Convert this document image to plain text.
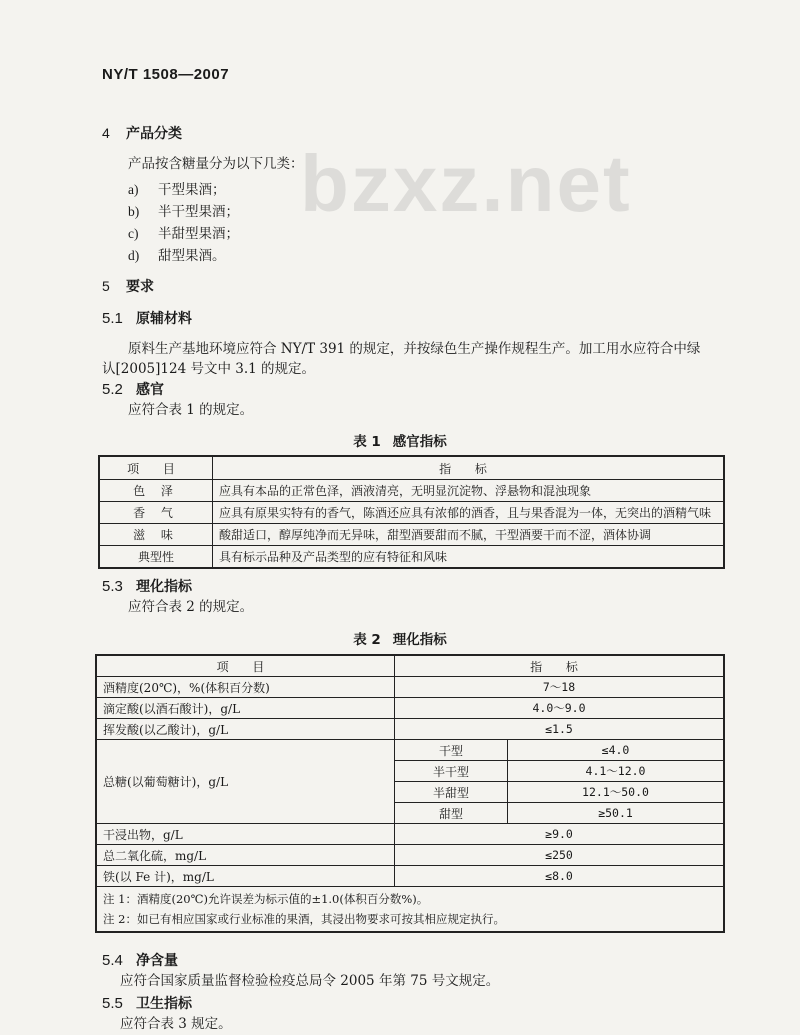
NY/T 1508—2007
bzxz.net
4 产品分类
产品按含糖量分为以下几类：
a) 干型果酒；
b) 半干型果酒；
c) 半甜型果酒；
d) 甜型果酒。
5 要求
5.1 原辅材料
原料生产基地环境应符合 NY/T 391 的规定，并按绿色生产操作规程生产。加工用水应符合中绿
认[2005]124 号文中 3.1 的规定。
5.2 感官
应符合表 1 的规定。
表 1 感官指标
项 目	指 标
色 泽	应具有本品的正常色泽，酒液清亮，无明显沉淀物、浮悬物和混浊现象
香 气	应具有原果实特有的香气，陈酒还应具有浓郁的酒香，且与果香混为一体，无突出的酒精气味
滋 味	酸甜适口，醇厚纯净而无异味，甜型酒要甜而不腻，干型酒要干而不涩，酒体协调
典型性	具有标示品种及产品类型的应有特征和风味
5.3 理化指标
应符合表 2 的规定。
表 2 理化指标
项 目	指 标	
酒精度(20℃)，%(体积百分数)	7～18	
滴定酸(以酒石酸计)，g/L	4.0～9.0	
挥发酸(以乙酸计)，g/L	≤1.5	
总糖(以葡萄糖计)，g/L	干型	≤4.0
	半干型	4.1～12.0
	半甜型	12.1～50.0
	甜型	≥50.1
干浸出物，g/L	≥9.0	
总二氧化硫，mg/L	≤250	
铁(以 Fe 计)，mg/L	≤8.0	

注 1：酒精度(20℃)允许误差为标示值的±1.0(体积百分数%)。
注 2：如已有相应国家或行业标准的果酒，其浸出物要求可按其相应规定执行。		
5.4 净含量
应符合国家质量监督检验检疫总局令 2005 年第 75 号文规定。
5.5 卫生指标
应符合表 3 规定。
